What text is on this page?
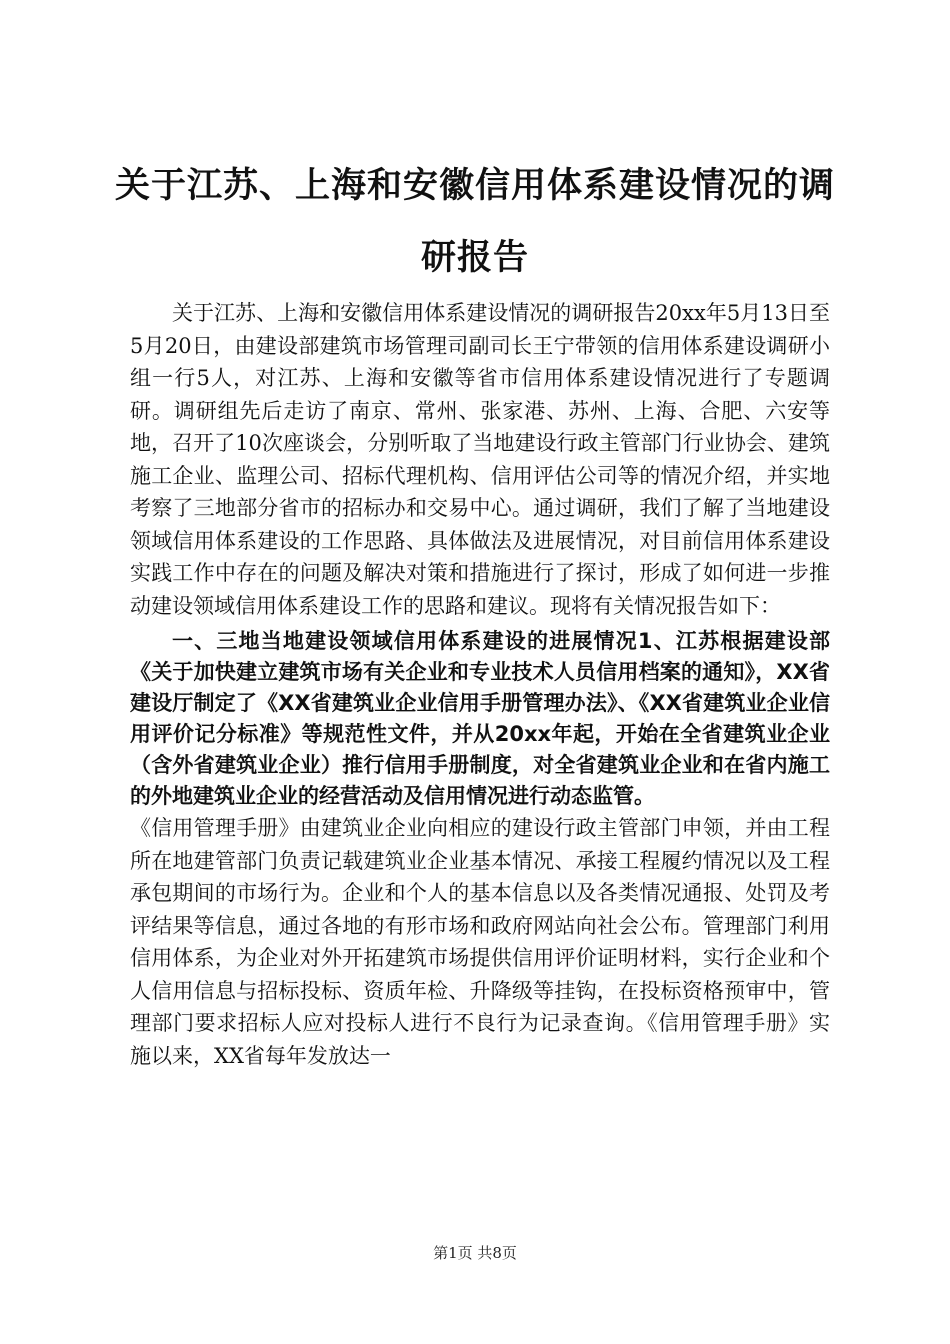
关于江苏、上海和安徽信用体系建设情况的调研报告

关于江苏、上海和安徽信用体系建设情况的调研报告20xx年5月13日至5月20日，由建设部建筑市场管理司副司长王宁带领的信用体系建设调研小组一行5人，对江苏、上海和安徽等省市信用体系建设情况进行了专题调研。调研组先后走访了南京、常州、张家港、苏州、上海、合肥、六安等地，召开了10次座谈会，分别听取了当地建设行政主管部门行业协会、建筑施工企业、监理公司、招标代理机构、信用评估公司等的情况介绍，并实地考察了三地部分省市的招标办和交易中心。通过调研，我们了解了当地建设领域信用体系建设的工作思路、具体做法及进展情况，对目前信用体系建设实践工作中存在的问题及解决对策和措施进行了探讨，形成了如何进一步推动建设领域信用体系建设工作的思路和建议。现将有关情况报告如下：

一、三地当地建设领域信用体系建设的进展情况1、江苏根据建设部《关于加快建立建筑市场有关企业和专业技术人员信用档案的通知》，XX省建设厅制定了《XX省建筑业企业信用手册管理办法》、《XX省建筑业企业信用评价记分标准》等规范性文件，并从20xx年起，开始在全省建筑业企业（含外省建筑业企业）推行信用手册制度，对全省建筑业企业和在省内施工的外地建筑业企业的经营活动及信用情况进行动态监管。

《信用管理手册》由建筑业企业向相应的建设行政主管部门申领，并由工程所在地建管部门负责记载建筑业企业基本情况、承接工程履约情况以及工程承包期间的市场行为。企业和个人的基本信息以及各类情况通报、处罚及考评结果等信息，通过各地的有形市场和政府网站向社会公布。管理部门利用信用体系，为企业对外开拓建筑市场提供信用评价证明材料，实行企业和个人信用信息与招标投标、资质年检、升降级等挂钩，在投标资格预审中，管理部门要求招标人应对投标人进行不良行为记录查询。《信用管理手册》实施以来，XX省每年发放达一

第1页 共8页
